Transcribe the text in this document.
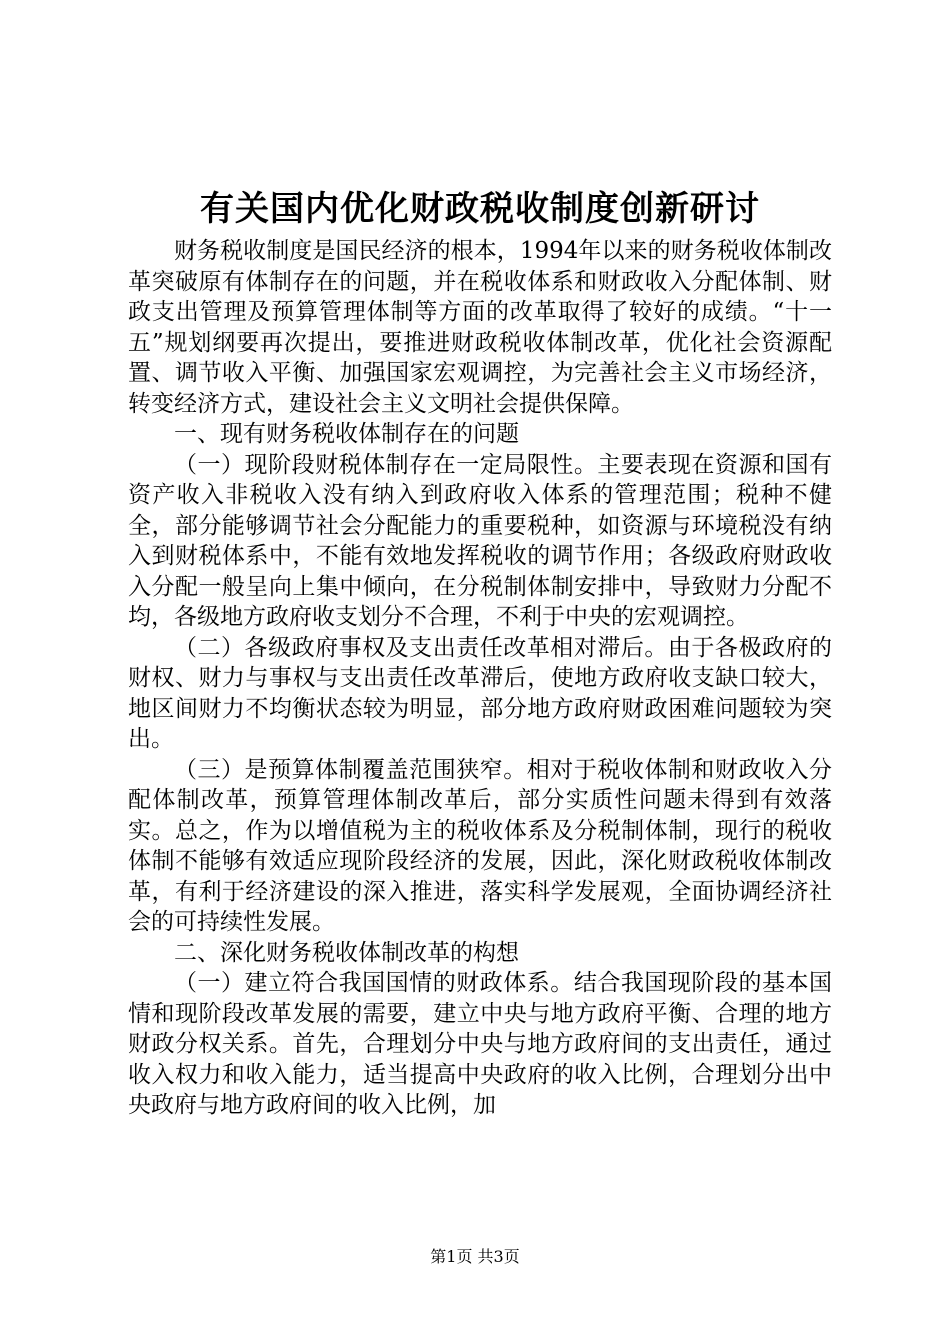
有关国内优化财政税收制度创新研讨

财务税收制度是国民经济的根本，1994年以来的财务税收体制改革突破原有体制存在的问题，并在税收体系和财政收入分配体制、财政支出管理及预算管理体制等方面的改革取得了较好的成绩。“十一五”规划纲要再次提出，要推进财政税收体制改革，优化社会资源配置、调节收入平衡、加强国家宏观调控，为完善社会主义市场经济，转变经济方式，建设社会主义文明社会提供保障。

一、现有财务税收体制存在的问题

（一）现阶段财税体制存在一定局限性。主要表现在资源和国有资产收入非税收入没有纳入到政府收入体系的管理范围；税种不健全，部分能够调节社会分配能力的重要税种，如资源与环境税没有纳入到财税体系中，不能有效地发挥税收的调节作用；各级政府财政收入分配一般呈向上集中倾向，在分税制体制安排中，导致财力分配不均，各级地方政府收支划分不合理，不利于中央的宏观调控。

（二）各级政府事权及支出责任改革相对滞后。由于各极政府的财权、财力与事权与支出责任改革滞后，使地方政府收支缺口较大，地区间财力不均衡状态较为明显，部分地方政府财政困难问题较为突出。

（三）是预算体制覆盖范围狭窄。相对于税收体制和财政收入分配体制改革，预算管理体制改革后，部分实质性问题未得到有效落实。总之，作为以增值税为主的税收体系及分税制体制，现行的税收体制不能够有效适应现阶段经济的发展，因此，深化财政税收体制改革，有利于经济建设的深入推进，落实科学发展观，全面协调经济社会的可持续性发展。

二、深化财务税收体制改革的构想

（一）建立符合我国国情的财政体系。结合我国现阶段的基本国情和现阶段改革发展的需要，建立中央与地方政府平衡、合理的地方财政分权关系。首先，合理划分中央与地方政府间的支出责任，通过收入权力和收入能力，适当提高中央政府的收入比例，合理划分出中央政府与地方政府间的收入比例，加

第1页 共3页
